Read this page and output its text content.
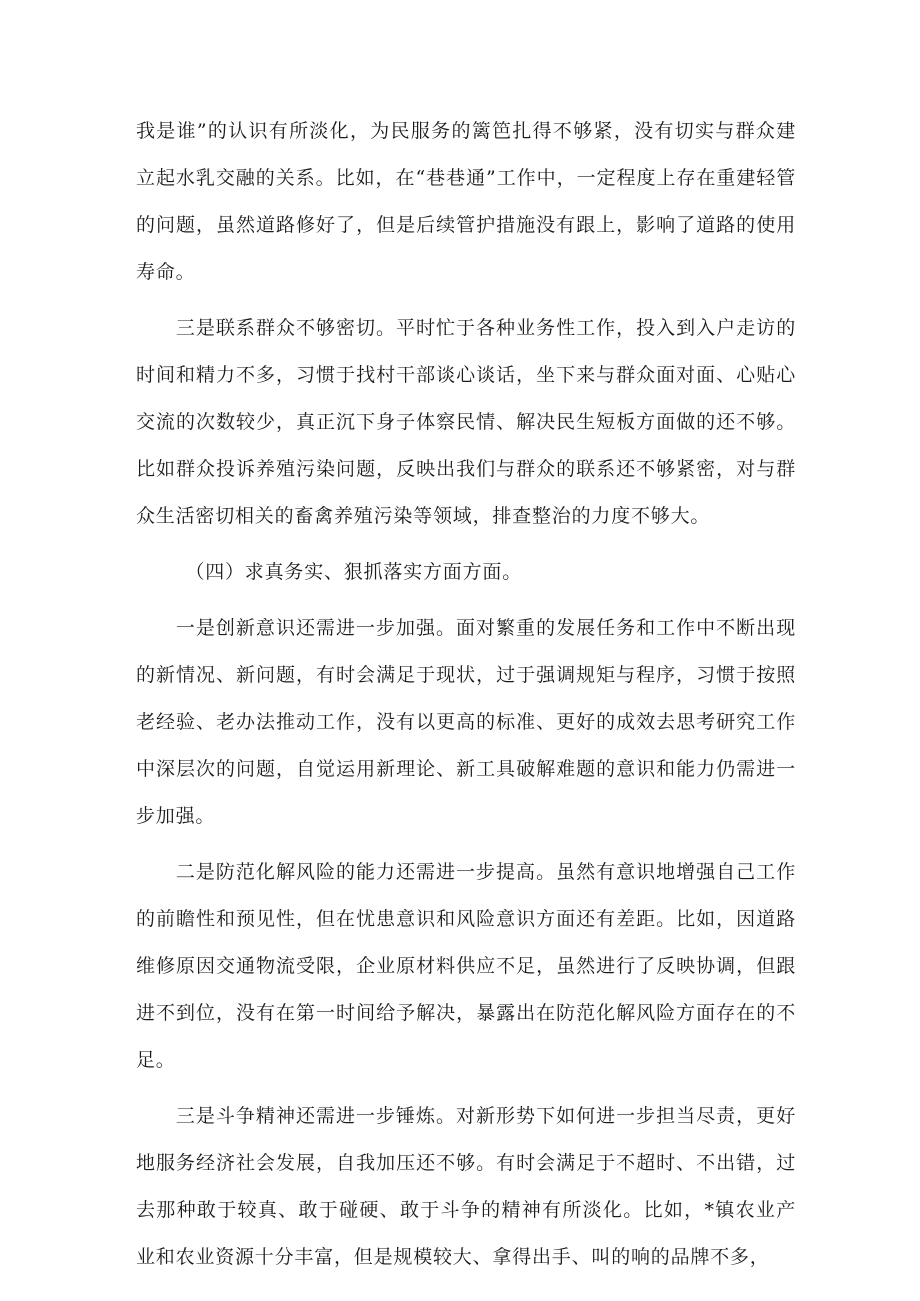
我是谁”的认识有所淡化，为民服务的篱笆扎得不够紧，没有切实与群众建立起水乳交融的关系。比如，在“巷巷通”工作中，一定程度上存在重建轻管的问题，虽然道路修好了，但是后续管护措施没有跟上，影响了道路的使用寿命。

三是联系群众不够密切。平时忙于各种业务性工作，投入到入户走访的时间和精力不多，习惯于找村干部谈心谈话，坐下来与群众面对面、心贴心交流的次数较少，真正沉下身子体察民情、解决民生短板方面做的还不够。比如群众投诉养殖污染问题，反映出我们与群众的联系还不够紧密，对与群众生活密切相关的畜禽养殖污染等领域，排查整治的力度不够大。

（四）求真务实、狠抓落实方面方面。

一是创新意识还需进一步加强。面对繁重的发展任务和工作中不断出现的新情况、新问题，有时会满足于现状，过于强调规矩与程序，习惯于按照老经验、老办法推动工作，没有以更高的标准、更好的成效去思考研究工作中深层次的问题，自觉运用新理论、新工具破解难题的意识和能力仍需进一步加强。

二是防范化解风险的能力还需进一步提高。虽然有意识地增强自己工作的前瞻性和预见性，但在忧患意识和风险意识方面还有差距。比如，因道路维修原因交通物流受限，企业原材料供应不足，虽然进行了反映协调，但跟进不到位，没有在第一时间给予解决，暴露出在防范化解风险方面存在的不足。

三是斗争精神还需进一步锤炼。对新形势下如何进一步担当尽责，更好地服务经济社会发展，自我加压还不够。有时会满足于不超时、不出错，过去那种敢于较真、敢于碰硬、敢于斗争的精神有所淡化。比如，*镇农业产业和农业资源十分丰富，但是规模较大、拿得出手、叫的响的品牌不多，
